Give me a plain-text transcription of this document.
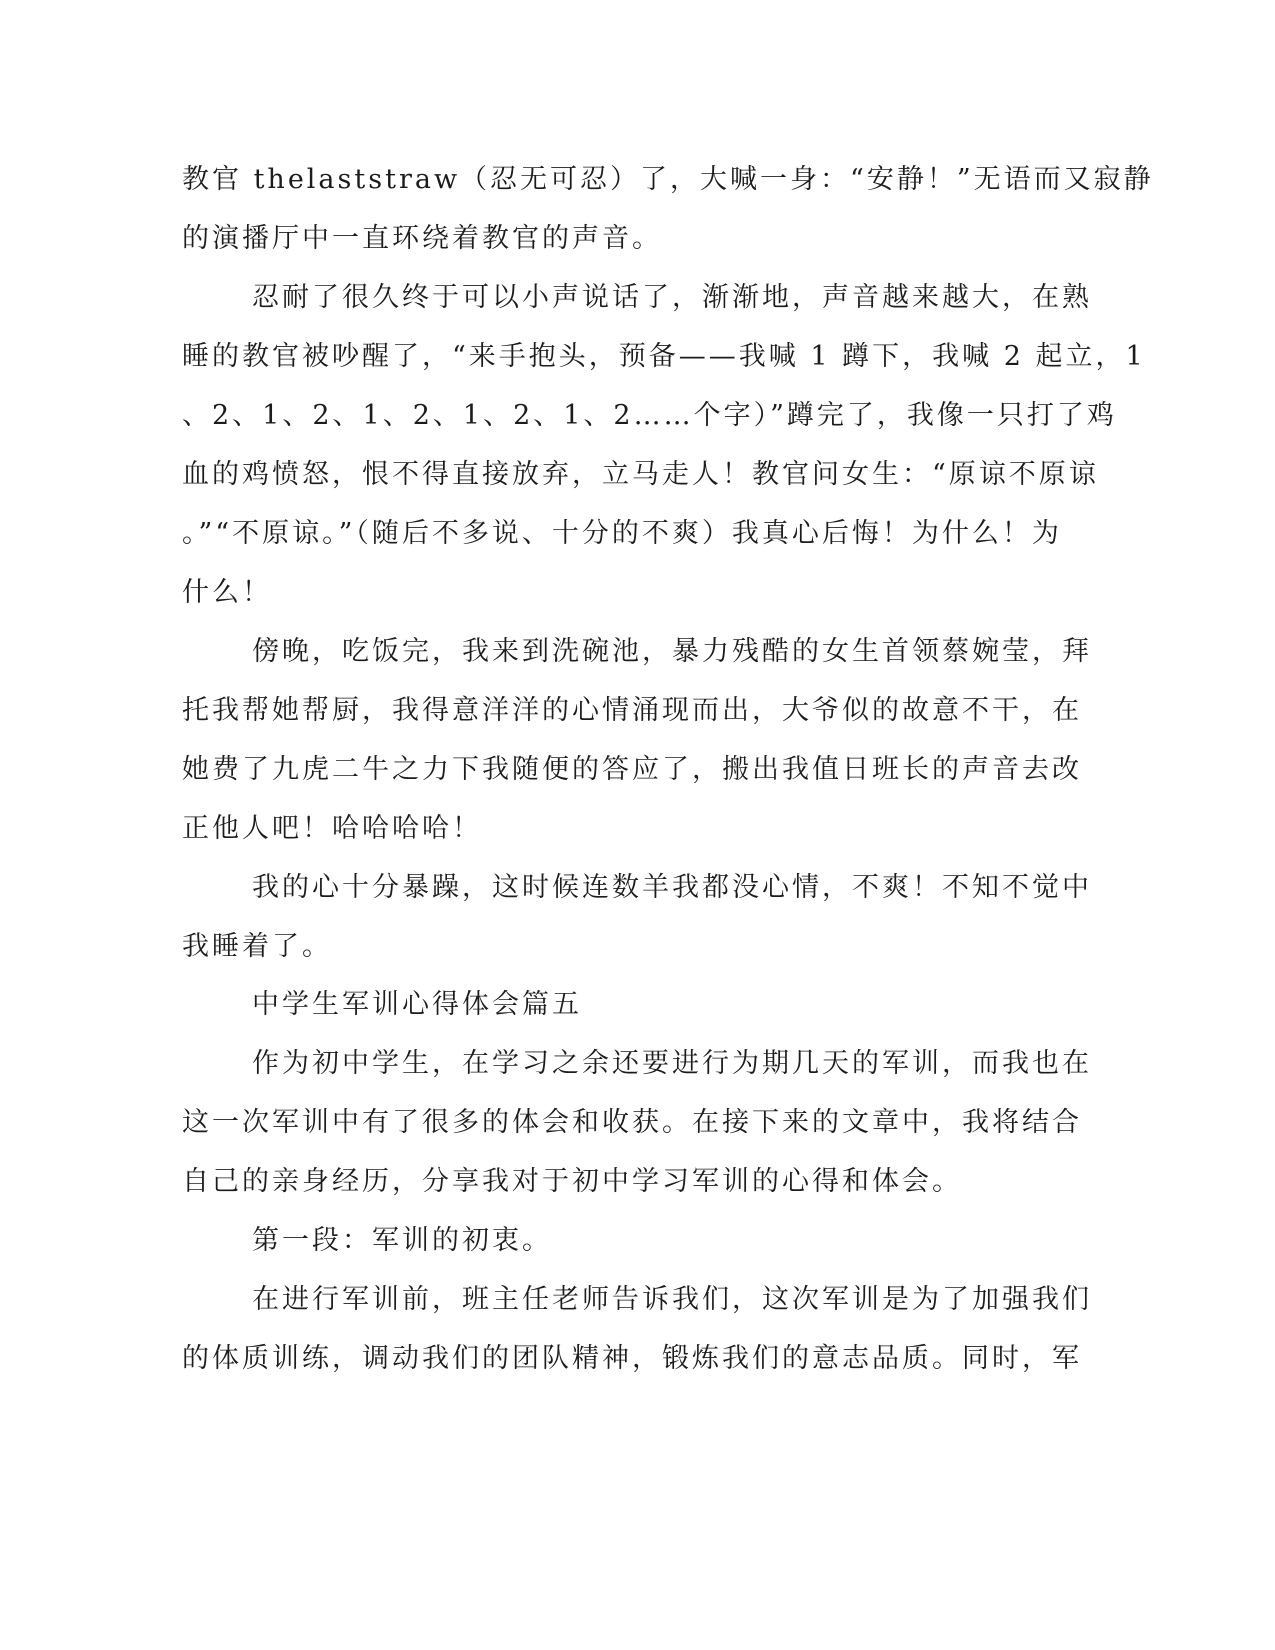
教官 thelaststraw（忍无可忍）了，大喊一身：“安静！”无语而又寂静
的演播厅中一直环绕着教官的声音。
忍耐了很久终于可以小声说话了，渐渐地，声音越来越大，在熟
睡的教官被吵醒了，“来手抱头，预备——我喊 1 蹲下，我喊 2 起立，1
、2、1、2、1、2、1、2、1、2……个字）”蹲完了，我像一只打了鸡
血的鸡愤怒，恨不得直接放弃，立马走人！教官问女生：“原谅不原谅
。”“不原谅。”（随后不多说、十分的不爽）我真心后悔！为什么！为
什么！
傍晚，吃饭完，我来到洗碗池，暴力残酷的女生首领蔡婉莹，拜
托我帮她帮厨，我得意洋洋的心情涌现而出，大爷似的故意不干，在
她费了九虎二牛之力下我随便的答应了，搬出我值日班长的声音去改
正他人吧！哈哈哈哈！
我的心十分暴躁，这时候连数羊我都没心情，不爽！不知不觉中
我睡着了。
中学生军训心得体会篇五
作为初中学生，在学习之余还要进行为期几天的军训，而我也在
这一次军训中有了很多的体会和收获。在接下来的文章中，我将结合
自己的亲身经历，分享我对于初中学习军训的心得和体会。
第一段：军训的初衷。
在进行军训前，班主任老师告诉我们，这次军训是为了加强我们
的体质训练，调动我们的团队精神，锻炼我们的意志品质。同时，军
